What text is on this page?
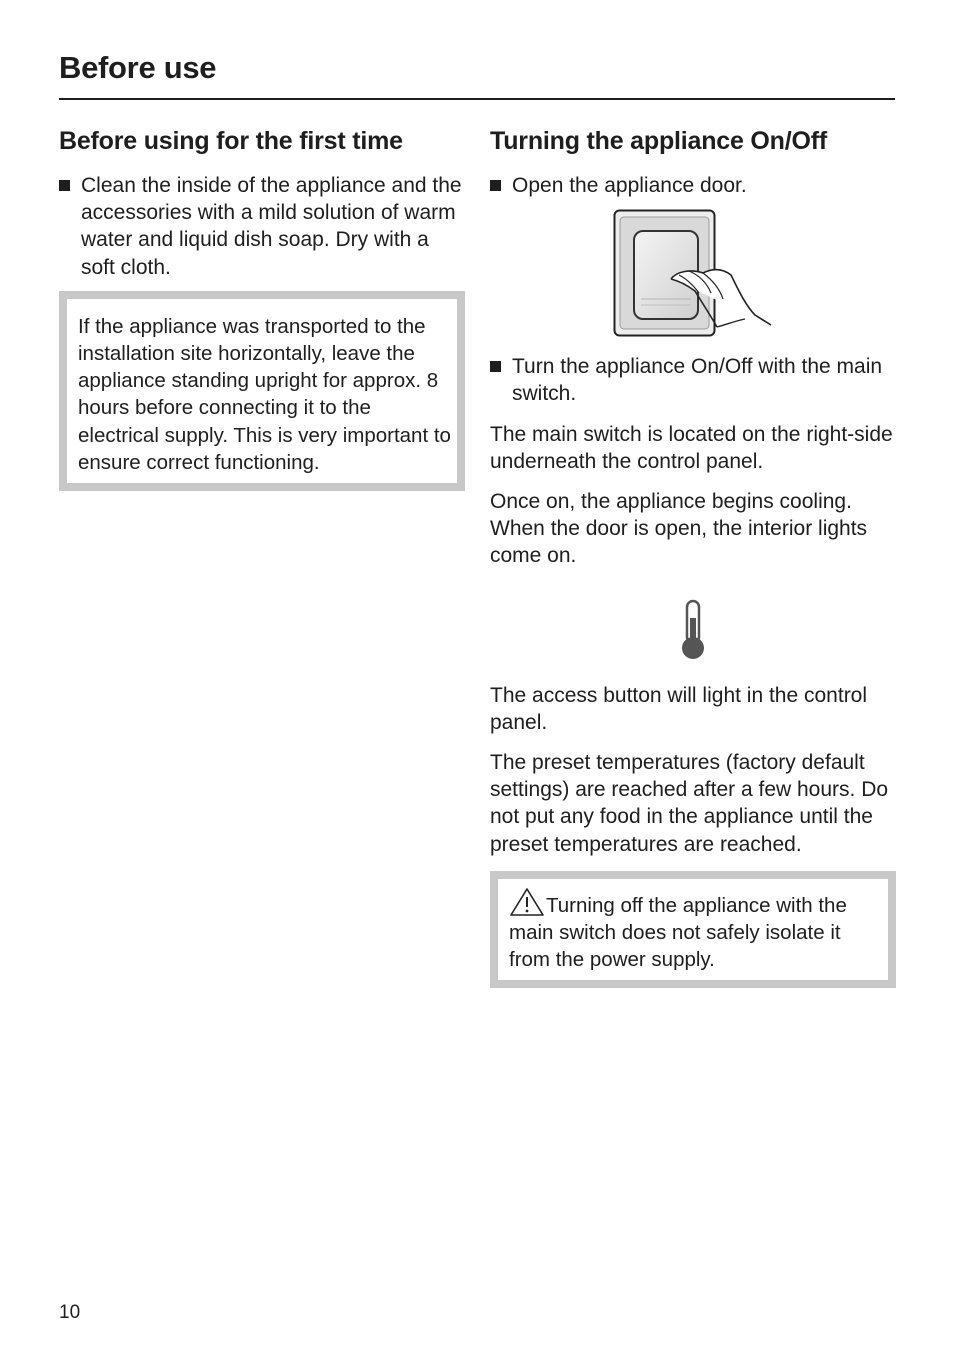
Before use
Before using for the first time
Clean the inside of the appliance and the accessories with a mild solution of warm water and liquid dish soap. Dry with a soft cloth.
If the appliance was transported to the installation site horizontally, leave the appliance standing upright for approx. 8 hours before connecting it to the electrical supply. This is very important to ensure correct functioning.
Turning the appliance On/Off
Open the appliance door.
Turn the appliance On/Off with the main switch.

The main switch is located on the right-side underneath the control panel.

Once on, the appliance begins cooling. When the door is open, the interior lights come on.

The access button will light in the control panel.

The preset temperatures (factory default settings) are reached after a few hours. Do not put any food in the appliance until the preset temperatures are reached.

Turning off the appliance with the main switch does not safely isolate it from the power supply.
10
